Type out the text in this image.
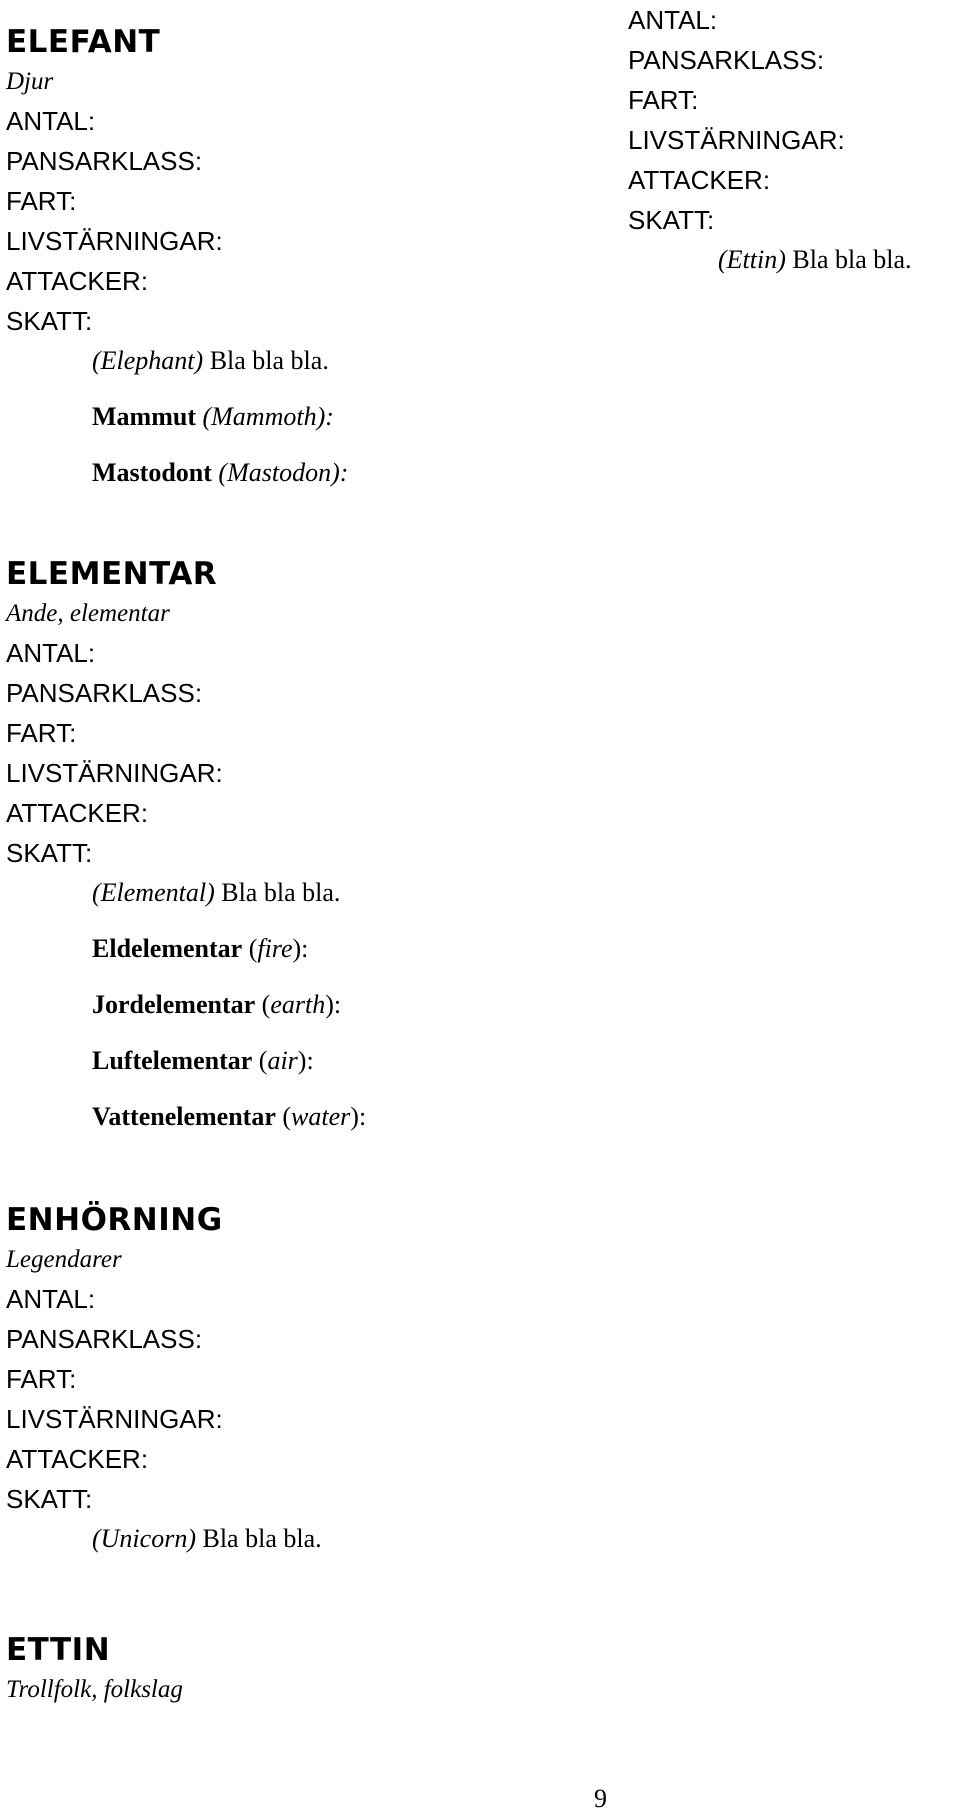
ELEFANT
Djur
ANTAL:
PANSARKLASS:
FART:
LIVSTÄRNINGAR:
ATTACKER:
SKATT:
(Elephant) Bla bla bla.
Mammut (Mammoth):
Mastodont (Mastodon):
ELEMENTAR
Ande, elementar
ANTAL:
PANSARKLASS:
FART:
LIVSTÄRNINGAR:
ATTACKER:
SKATT:
(Elemental) Bla bla bla.
Eldelementar (fire):
Jordelementar (earth):
Luftelementar (air):
Vattenelementar (water):
ENHÖRNING
Legendarer
ANTAL:
PANSARKLASS:
FART:
LIVSTÄRNINGAR:
ATTACKER:
SKATT:
(Unicorn) Bla bla bla.
ETTIN
Trollfolk, folkslag
ANTAL:
PANSARKLASS:
FART:
LIVSTÄRNINGAR:
ATTACKER:
SKATT:
(Ettin) Bla bla bla.
9
